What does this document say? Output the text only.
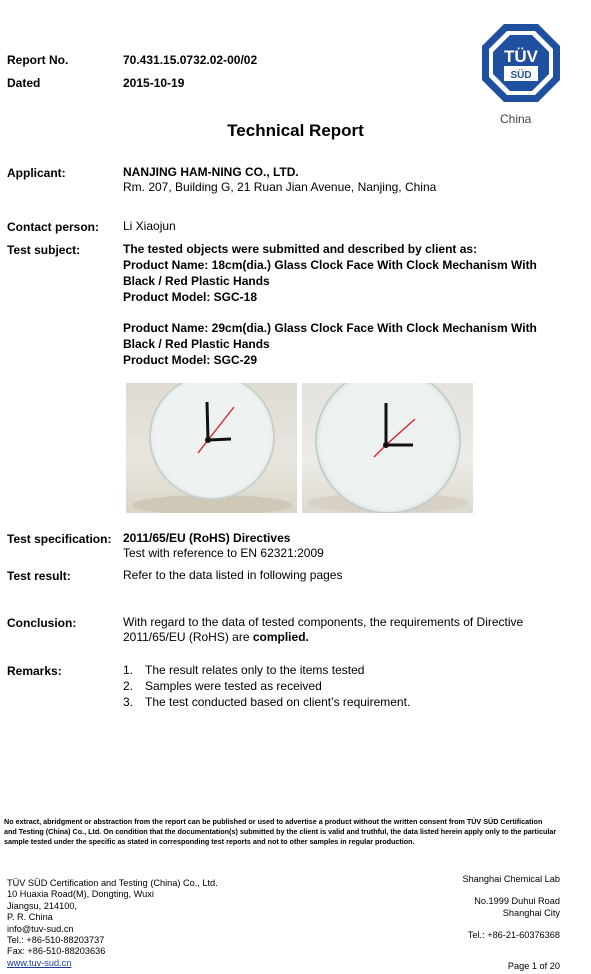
Report No.	70.431.15.0732.02-00/02
Dated	2015-10-19
TÜV
SÜD
China
Technical Report
Applicant:	NANJING HAM-NING CO., LTD.
Rm. 207, Building G, 21 Ruan Jian Avenue, Nanjing, China
Contact person: Li Xiaojun
Test subject:	The tested objects were submitted and described by client as:
Product Name: 18cm(dia.) Glass Clock Face With Clock Mechanism With
Black / Red Plastic Hands
Product Model: SGC-18
Product Name: 29cm(dia.) Glass Clock Face With Clock Mechanism With
Black / Red Plastic Hands
Product Model: SGC-29
Test specification: 2011/65/EU (RoHS) Directives
Test with reference to EN 62321:2009
Test result:	Refer to the data listed in following pages
Conclusion:	With regard to the data of tested components, the requirements of Directive
2011/65/EU (RoHS) are complied.
Remarks:	1. The result relates only to the items tested
2. Samples were tested as received
3. The test conducted based on client’s requirement.
No extract, abridgment or abstraction from the report can be published or used to advertise a product without the written consent from TÜV SÜD Certification
and Testing (China) Co., Ltd. On condition that the documentation(s) submitted by the client is valid and truthful, the data listed herein apply only to the particular
sample tested under the specific as stated in corresponding test reports and not to other samples in regular production.
TÜV SÜD Certification and Testing (China) Co., Ltd.
10 Huaxia Road(M), Dongting, Wuxi
Jiangsu, 214100,
P. R. China
info@tuv-sud.cn
Tel.: +86-510-88203737
Fax: +86-510-88203636
www.tuv-sud.cn
Shanghai Chemical Lab
No.1999 Duhui Road
Shanghai City
Tel.: +86-21-60376368
Page 1 of 20
